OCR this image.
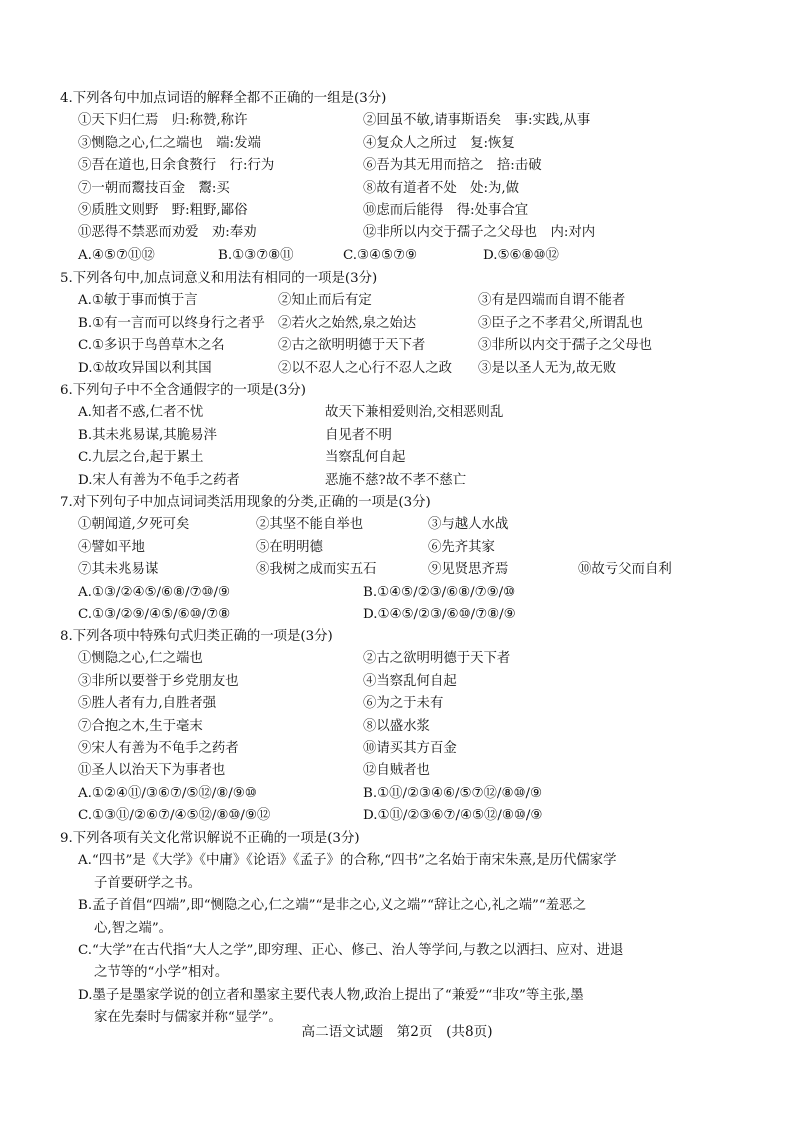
4.下列各句中加点词语的解释全都不正确的一组是(3分)
①天下归仁焉　归:称赞,称许	②回虽不敏,请事斯语矣　事:实践,从事
③恻隐之心,仁之端也　端:发端	④复众人之所过　复:恢复
⑤吾在道也,日余食赘行　行:行为	⑥吾为其无用而掊之　掊:击破
⑦一朝而鬻技百金　鬻:买	⑧故有道者不处　处:为,做
⑨质胜文则野　野:粗野,鄙俗	⑩虑而后能得　得:处事合宜
⑪恶得不禁恶而劝爱　劝:奉劝	⑫非所以内交于孺子之父母也　内:对内
A.④⑤⑦⑪⑫	B.①③⑦⑧⑪	C.③④⑤⑦⑨	D.⑤⑥⑧⑩⑫
5.下列各句中,加点词意义和用法有相同的一项是(3分)
A.①敏于事而慎于言	②知止而后有定	③有是四端而自谓不能者
B.①有一言而可以终身行之者乎 ②若火之始然,泉之始达	③臣子之不孝君父,所谓乱也
C.①多识于鸟兽草木之名	②古之欲明明德于天下者	③非所以内交于孺子之父母也
D.①故攻异国以利其国	②以不忍人之心行不忍人之政	③是以圣人无为,故无败
6.下列句子中不全含通假字的一项是(3分)
A.知者不惑,仁者不忧	故天下兼相爱则治,交相恶则乱
B.其未兆易谋,其脆易泮	自见者不明
C.九层之台,起于累土	当察乱何自起
D.宋人有善为不龟手之药者	恶施不慈?故不孝不慈亡
7.对下列句子中加点词词类活用现象的分类,正确的一项是(3分)
①朝闻道,夕死可矣	②其坚不能自举也	③与越人水战
④譬如平地	⑤在明明德	⑥先齐其家
⑦其未兆易谋	⑧我树之成而实五石	⑨见贤思齐焉	⑩故亏父而自利
A.①③/②④⑤/⑥⑧/⑦⑩/⑨	B.①④⑤/②③/⑥⑧/⑦⑨/⑩
C.①③/②⑨/④⑤/⑥⑩/⑦⑧	D.①④⑤/②③/⑥⑩/⑦⑧/⑨
8.下列各项中特殊句式归类正确的一项是(3分)
①恻隐之心,仁之端也	②古之欲明明德于天下者
③非所以要誉于乡党朋友也	④当察乱何自起
⑤胜人者有力,自胜者强	⑥为之于未有
⑦合抱之木,生于毫末	⑧以盛水浆
⑨宋人有善为不龟手之药者	⑩请买其方百金
⑪圣人以治天下为事者也	⑫自贼者也
A.①②④⑪/③⑥⑦/⑤⑫/⑧/⑨⑩	B.①⑪/②③④⑥/⑤⑦⑫/⑧⑩/⑨
C.①③⑪/②⑥⑦/④⑤⑫/⑧⑩/⑨⑫	D.①⑪/②③⑥⑦/④⑤⑫/⑧⑩/⑨
9.下列各项有关文化常识解说不正确的一项是(3分)
A.“四书”是《大学》《中庸》《论语》《孟子》的合称,“四书”之名始于南宋朱熹,是历代儒家学
子首要研学之书。
B.孟子首倡“四端”,即“恻隐之心,仁之端”“是非之心,义之端”“辞让之心,礼之端”“羞恶之
心,智之端”。
C.“大学”在古代指“大人之学”,即穷理、正心、修己、治人等学问,与教之以洒扫、应对、进退
之节等的“小学”相对。
D.墨子是墨家学说的创立者和墨家主要代表人物,政治上提出了“兼爱”“非攻”等主张,墨
家在先秦时与儒家并称“显学”。
高二语文试题　第2页　(共8页)
